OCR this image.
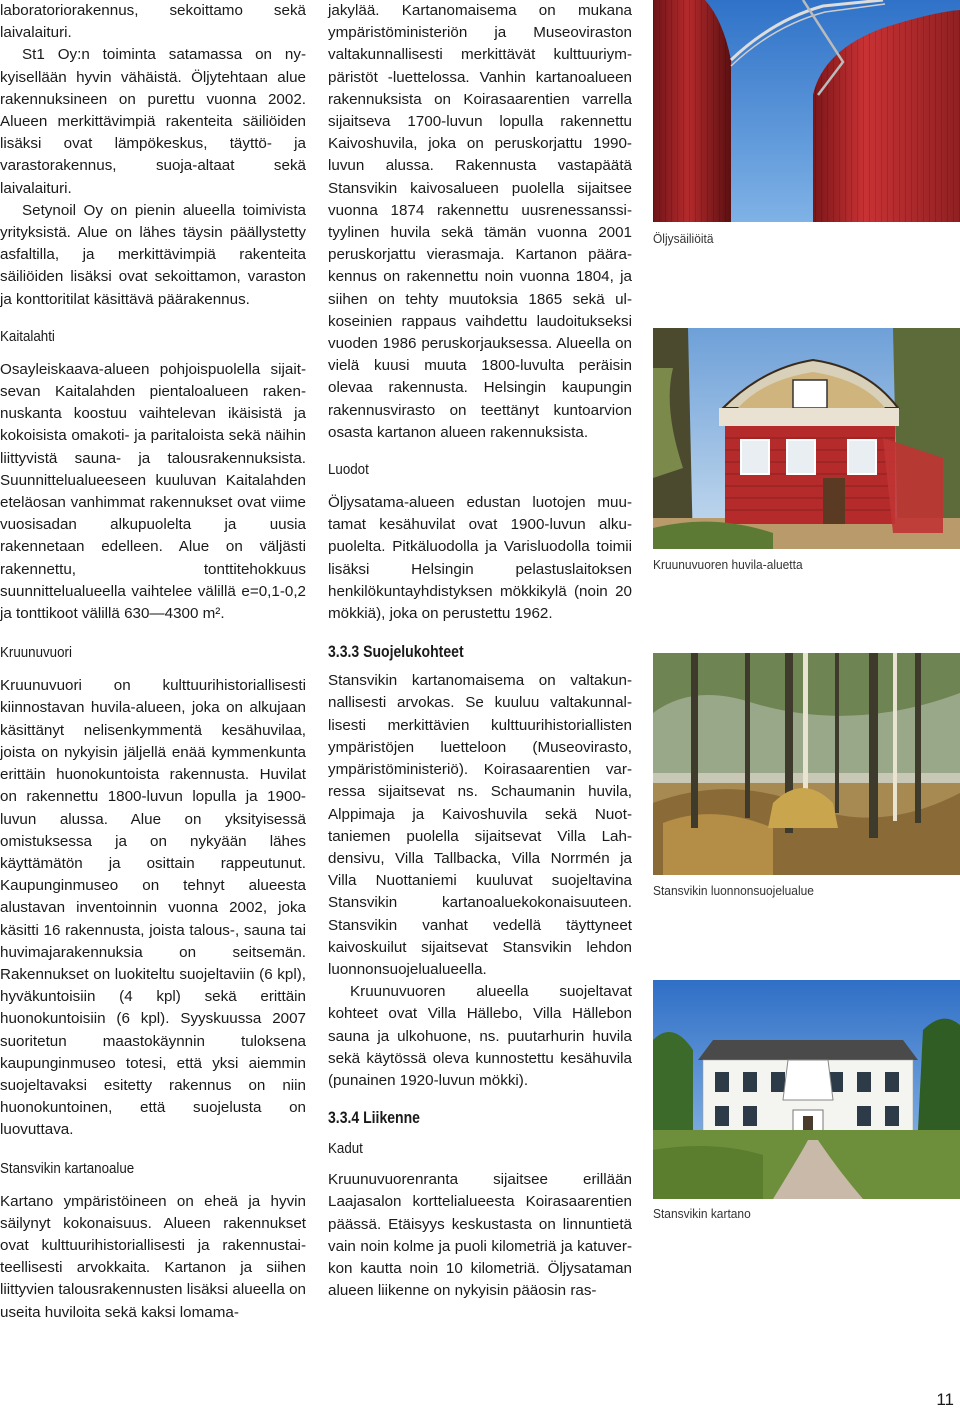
laboratoriorakennus, sekoittamo sekä laivalaituri.

St1 Oy:n toiminta satamassa on nykyisellään hyvin vähäistä. Öljytehtaan alue rakennuksineen on purettu vuonna 2002. Alueen merkittävimpiä rakenteita säiliöiden lisäksi ovat lämpökeskus, täyttö- ja varastorakennus, suoja-altaat sekä laivalaituri.

Setynoil Oy on pienin alueella toimivista yrityksistä. Alue on lähes täysin päällystetty asfaltilla, ja merkittävimpiä rakenteita säiliöiden lisäksi ovat sekoittamon, varaston ja konttoritilat käsittävä päärakennus.

Kaitalahti

Osayleiskaava-alueen pohjoispuolella sijaitsevan Kaitalahden pientaloalueen rakennuskanta koostuu vaihtelevan ikäisistä ja kokoisista omakoti- ja paritaloista sekä näihin liittyvistä sauna- ja talousrakennuksista. Suunnittelualueeseen kuuluvan Kaitalahden eteläosan vanhimmat rakennukset ovat viime vuosisadan alkupuolelta ja uusia rakennetaan edelleen. Alue on väljästi rakennettu, tonttitehokkuus suunnittelualueella vaihtelee välillä e=0,1-0,2 ja tonttikoot välillä 630—4300 m².

Kruunuvuori

Kruunuvuori on kulttuurihistoriallisesti kiinnostavan huvila-alueen, joka on alkujaan käsittänyt nelisenkymmentä kesähuvilaa, joista on nykyisin jäljellä enää kymmenkunta erittäin huonokuntoista rakennusta. Huvilat on rakennettu 1800-luvun lopulla ja 1900-luvun alussa. Alue on yksityisessä omistuksessa ja on nykyään lähes käyttämätön ja osittain rappeutunut. Kaupunginmuseo on tehnyt alueesta alustavan inventoinnin vuonna 2002, joka käsitti 16 rakennusta, joista talous-, sauna tai huvimajarakennuksia on seitsemän. Rakennukset on luokiteltu suojeltaviin (6 kpl), hyväkuntoisiin (4 kpl) sekä erittäin huonokuntoisiin (6 kpl). Syyskuussa 2007 suoritetun maastokäynnin tuloksena kaupunginmuseo totesi, että yksi aiemmin suojeltavaksi esitetty rakennus on niin huonokuntoinen, että suojelusta on luovuttava.

Stansvikin kartanoalue

Kartano ympäristöineen on eheä ja hyvin säilynyt kokonaisuus. Alueen rakennukset ovat kulttuurihistoriallisesti ja rakennustaiteellisesti arvokkaita. Kartanon ja siihen liittyvien talousrakennusten lisäksi alueella on useita huviloita sekä kaksi lomama-

jakylää. Kartanomaisema on mukana ympäristöministeriön ja Museoviraston valtakunnallisesti merkittävät kulttuuriympäristöt -luettelossa. Vanhin kartanoalueen rakennuksista on Koirasaarentien varrella sijaitseva 1700-luvun lopulla rakennettu Kaivoshuvila, joka on peruskorjattu 1990-luvun alussa. Rakennusta vastapäätä Stansvikin kaivosalueen puolella sijaitsee vuonna 1874 rakennettu uusrenessanssityylinen huvila sekä tämän vuonna 2001 peruskorjattu vierasmaja. Kartanon päärakennus on rakennettu noin vuonna 1804, ja siihen on tehty muutoksia 1865 sekä ulkoseinien rappaus vaihdettu laudoitukseksi vuoden 1986 peruskorjauksessa. Alueella on vielä kuusi muuta 1800-luvulta peräisin olevaa rakennusta. Helsingin kaupungin rakennusvirasto on teettänyt kuntoarvion osasta kartanon alueen rakennuksista.

Luodot

Öljysatama-alueen edustan luotojen muutamat kesähuvilat ovat 1900-luvun alkupuolelta. Pitkäluodolla ja Varisluodolla toimii lisäksi Helsingin pelastuslaitoksen henkilökuntayhdistyksen mökkikylä (noin 20 mökkiä), joka on perustettu 1962.

3.3.3 Suojelukohteet

Stansvikin kartanomaisema on valtakunnallisesti arvokas. Se kuuluu valtakunnallisesti merkittävien kulttuurihistoriallisten ympäristöjen luetteloon (Museovirasto, ympäristöministeriö). Koirasaarentien varressa sijaitsevat ns. Schaumanin huvila, Alppimaja ja Kaivoshuvila sekä Nuottaniemen puolella sijaitsevat Villa Lahdensivu, Villa Tallbacka, Villa Norrmén ja Villa Nuottaniemi kuuluvat suojeltavina Stansvikin kartanoaluekokonaisuuteen. Stansvikin vanhat vedellä täyttyneet kaivoskuilut sijaitsevat Stansvikin lehdon luonnonsuojelualueella.

Kruunuvuoren alueella suojeltavat kohteet ovat Villa Hällebo, Villa Hällebon sauna ja ulkohuone, ns. puutarhurin huvila sekä käytössä oleva kunnostettu kesähuvila (punainen 1920-luvun mökki).

3.3.4 Liikenne
Kadut

Kruunuvuorenranta sijaitsee erillään Laajasalon korttelialueesta Koirasaarentien päässä. Etäisyys keskustasta on linnuntietä vain noin kolme ja puoli kilometriä ja katuverkon kautta noin 10 kilometriä. Öljysataman alueen liikenne on nykyisin pääosin ras-

Öljysäiliöitä
Kruunuvuoren huvila-aluetta
Stansvikin luonnonsuojelualue
Stansvikin kartano
11
